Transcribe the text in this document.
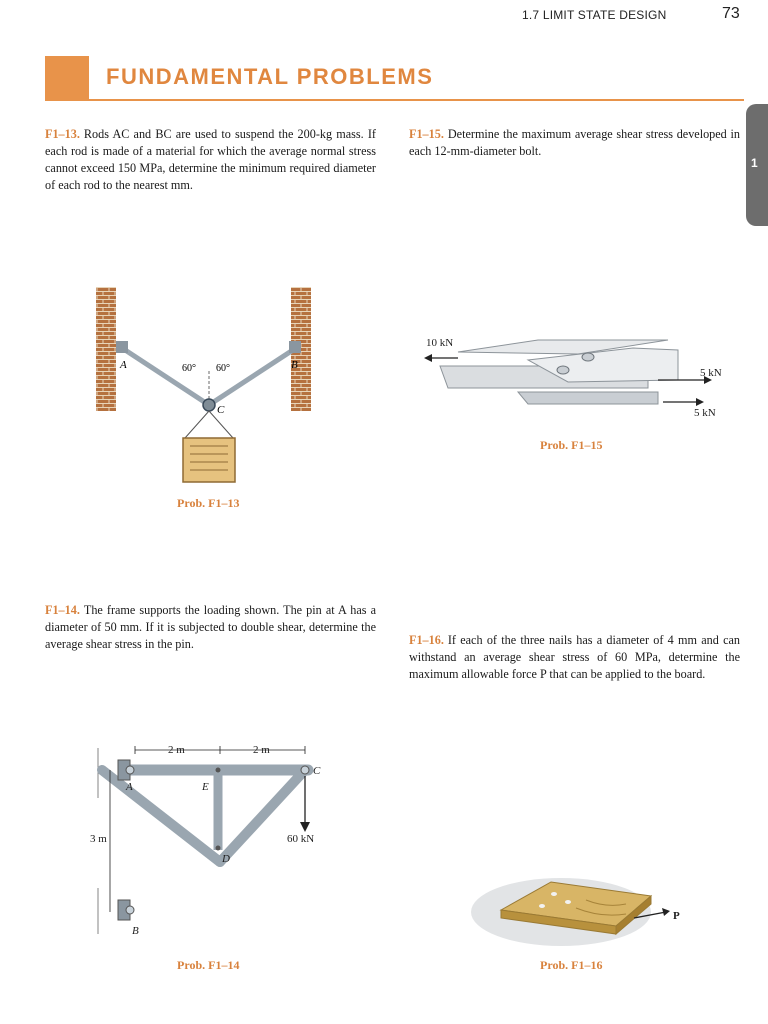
1.7 LIMIT STATE DESIGN	73
FUNDAMENTAL PROBLEMS
1
F1–13. Rods AC and BC are used to suspend the 200-kg mass. If each rod is made of a material for which the average normal stress cannot exceed 150 MPa, determine the minimum required diameter of each rod to the nearest mm.
A	B
C
60° 60°
Prob. F1–13
F1–14. The frame supports the loading shown. The pin at A has a diameter of 50 mm. If it is subjected to double shear, determine the average shear stress in the pin.
2 m	2 m
3 m	60 kN
A
B
C
D
E
Prob. F1–14
F1–15. Determine the maximum average shear stress developed in each 12-mm-diameter bolt.
10 kN
5 kN
5 kN
Prob. F1–15
F1–16. If each of the three nails has a diameter of 4 mm and can withstand an average shear stress of 60 MPa, determine the maximum allowable force P that can be applied to the board.
P
Prob. F1–16
